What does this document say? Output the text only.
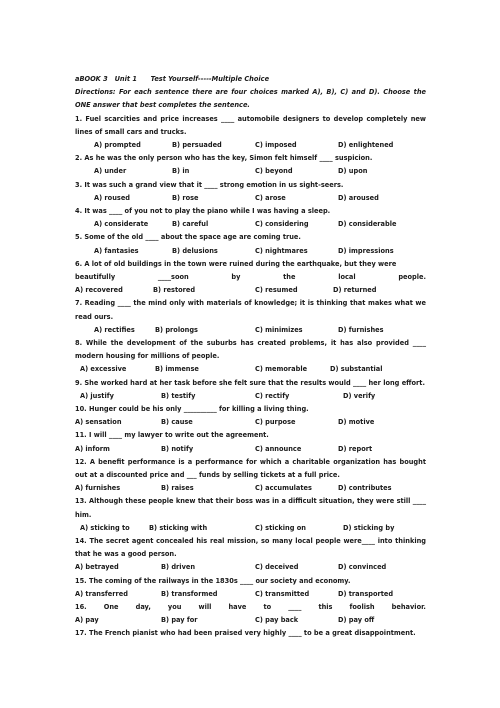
aBOOK 3   Unit 1      Test Yourself-----Multiple Choice
Directions: For each sentence there are four choices marked A), B), C) and D). Choose the ONE answer that best completes the sentence.
1. Fuel scarcities and price increases ____ automobile designers to develop completely new lines of small cars and trucks.
A) prompted	B) persuaded	C) imposed	D) enlightened
2. As he was the only person who has the key, Simon felt himself ____ suspicion.
A) under	B) in	C) beyond	D) upon
3. It was such a grand view that it ____ strong emotion in us sight-seers.
A) roused	B) rose	C) arose	D) aroused
4. It was ____ of you not to play the piano while I was having a sleep.
A) considerate	B) careful	C) considering	D) considerable
5. Some of the old ____ about the space age are coming true.
A) fantasies	B) delusions	C) nightmares	D) impressions
6. A lot of old buildings in the town were ruined during the earthquake, but they were
beautifully	____soon	by	the	local	people.
A) recovered	B) restored	C) resumed	D) returned
7. Reading ____ the mind only with materials of knowledge; it is thinking that makes what we read ours.
A) rectifies	B) prolongs	C) minimizes	D) furnishes
8. While the development of the suburbs has created problems, it has also provided ____ modern housing for millions of people.
A) excessive	B) immense	C) memorable	D) substantial
9. She worked hard at her task before she felt sure that the results would ____ her long effort.
A) justify	B) testify	C) rectify	D) verify
10. Hunger could be his only __________ for killing a living thing.
A) sensation	B) cause	C) purpose	D) motive
11. I will ____ my lawyer to write out the agreement.
A) inform	B) notify	C) announce	D) report
12. A benefit performance is a performance for which a charitable organization has bought out at a discounted price and ___ funds by selling tickets at a full price.
A) furnishes	B) raises	C) accumulates	D) contributes
13. Although these people knew that their boss was in a difficult situation, they were still ____ him.
A) sticking to	B) sticking with	C) sticking on	D) sticking by
14. The secret agent concealed his real mission, so many local people were____ into thinking that he was a good person.
A) betrayed	B) driven	C) deceived	D) convinced
15. The coming of the railways in the 1830s ____ our society and economy.
A) transferred	B) transformed	C) transmitted	D) transported
16.	One	day,	you	will	have	to	____	this	foolish	behavior.
A) pay	B) pay for	C) pay back	D) pay off
17. The French pianist who had been praised very highly ____ to be a great disappointment.
